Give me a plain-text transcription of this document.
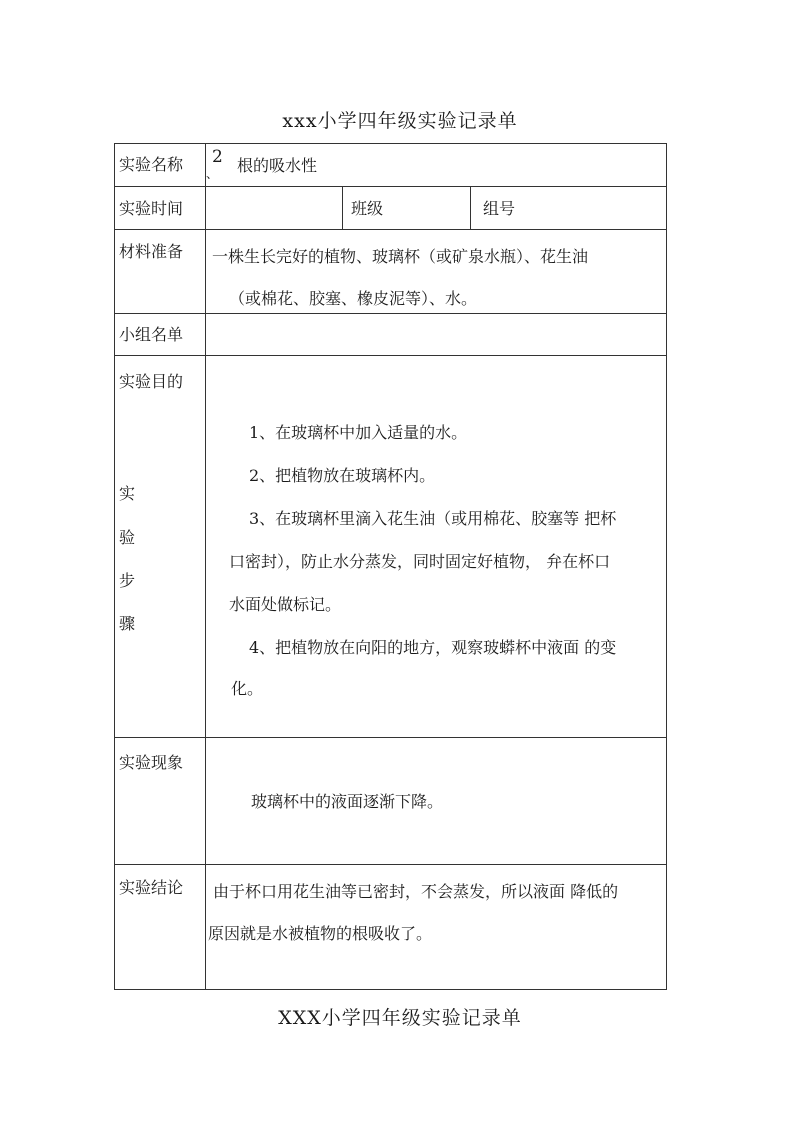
xxx小学四年级实验记录单
实验名称 2
、 根的吸水性
实验时间	班级	组号
材料准备 一株生长完好的植物、玻璃杯（或矿泉水瓶）、花生油
（或棉花、胶塞、橡皮泥等）、水。
小组名单
实验目的
实
验
步
骤
1、在玻璃杯中加入适量的水。
2、把植物放在玻璃杯内。
3、在玻璃杯里滴入花生油（或用棉花、胶塞等 把杯
口密封），防止水分蒸发，同时固定好植物， 弁在杯口
水面处做标记。
4、把植物放在向阳的地方，观察玻蟒杯中液面 的变
化。
实验现象
玻璃杯中的液面逐渐下降。
实验结论 由于杯口用花生油等已密封，不会蒸发，所以液面 降低的
原因就是水被植物的根吸收了。
XXX小学四年级实验记录单
